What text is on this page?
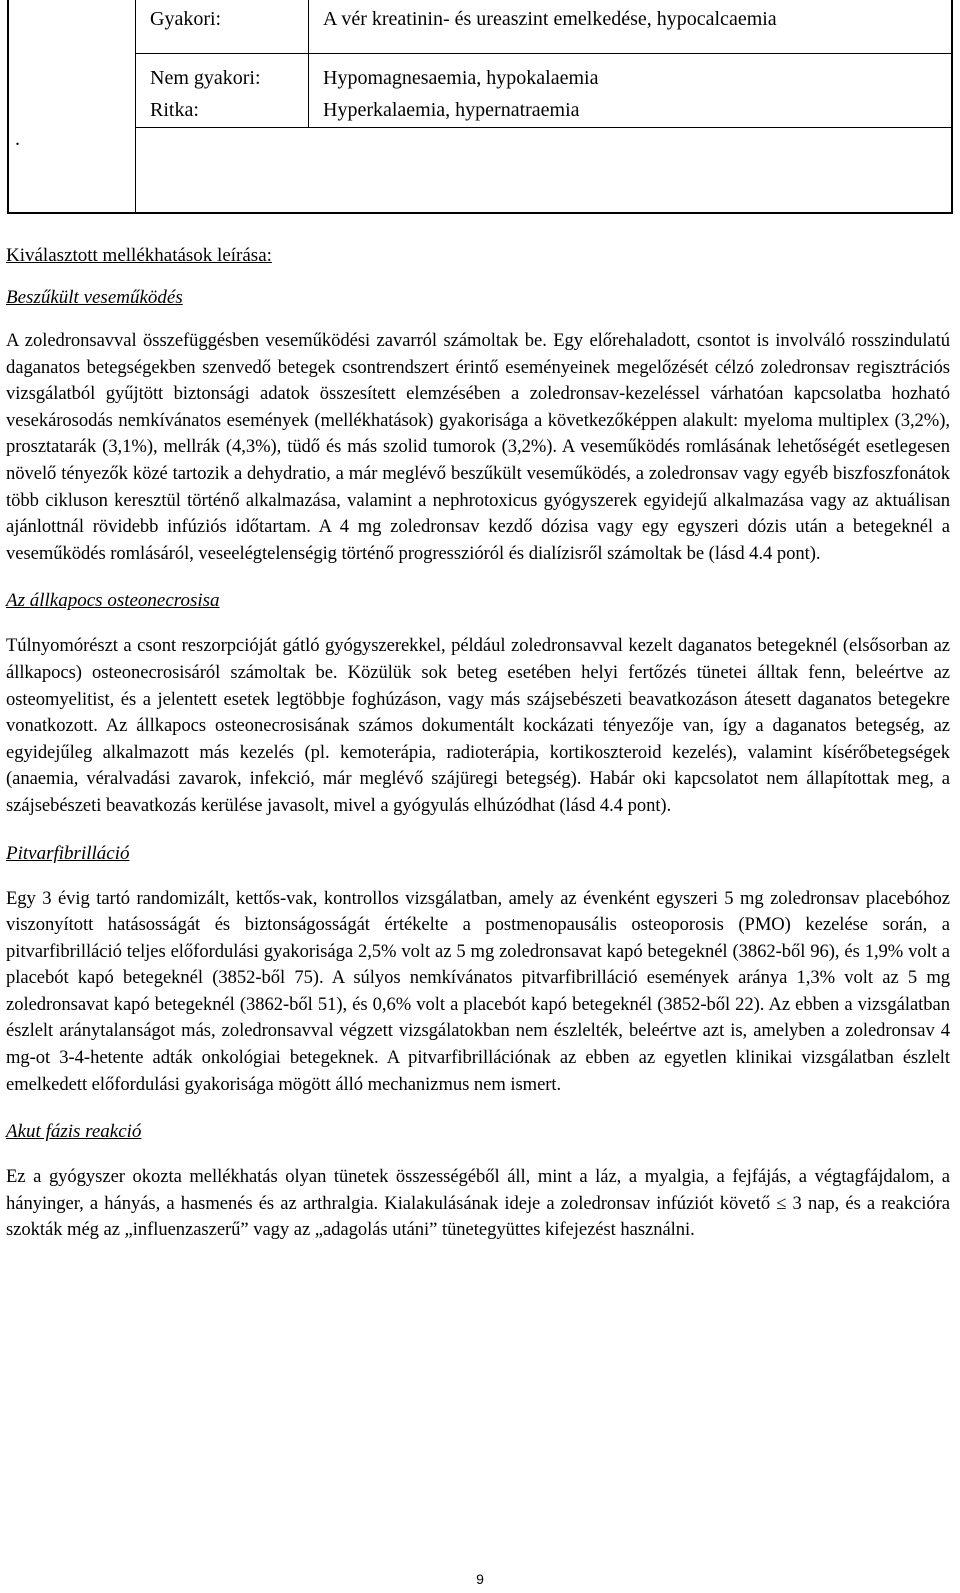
Gyakori:	A vér kreatinin- és ureaszint emelkedése, hypocalcaemia
Nem gyakori:	Hypomagnesaemia, hypokalaemia
Ritka:	Hyperkalaemia, hypernatraemia
.
Kiválasztott mellékhatások leírása:
Beszűkült veseműködés

A zoledronsavval összefüggésben veseműködési zavarról számoltak be. Egy előrehaladott, csontot is involváló rosszindulatú daganatos betegségekben szenvedő betegek csontrendszert érintő eseményeinek megelőzését célzó zoledronsav regisztrációs vizsgálatból gyűjtött biztonsági adatok összesített elemzésében a zoledronsav-kezeléssel várhatóan kapcsolatba hozható vesekárosodás nemkívánatos események (mellékhatások) gyakorisága a következőképpen alakult: myeloma multiplex (3,2%), prosztatarák (3,1%), mellrák (4,3%), tüdő és más szolid tumorok (3,2%). A veseműködés romlásának lehetőségét esetlegesen növelő tényezők közé tartozik a dehydratio, a már meglévő beszűkült veseműködés, a zoledronsav vagy egyéb biszfoszfonátok több cikluson keresztül történő alkalmazása, valamint a nephrotoxicus gyógyszerek egyidejű alkalmazása vagy az aktuálisan ajánlottnál rövidebb infúziós időtartam. A 4 mg zoledronsav kezdő dózisa vagy egy egyszeri dózis után a betegeknél a veseműködés romlásáról, veseelégtelenségig történő progresszióról és dialízisről számoltak be (lásd 4.4 pont).

Az állkapocs osteonecrosisa

Túlnyomórészt a csont reszorpcióját gátló gyógyszerekkel, például zoledronsavval kezelt daganatos betegeknél (elsősorban az állkapocs) osteonecrosisáról számoltak be. Közülük sok beteg esetében helyi fertőzés tünetei álltak fenn, beleértve az osteomyelitist, és a jelentett esetek legtöbbje foghúzáson, vagy más szájsebészeti beavatkozáson átesett daganatos betegekre vonatkozott. Az állkapocs osteonecrosisának számos dokumentált kockázati tényezője van, így a daganatos betegség, az egyidejűleg alkalmazott más kezelés (pl. kemoterápia, radioterápia, kortikoszteroid kezelés), valamint kísérőbetegségek (anaemia, véralvadási zavarok, infekció, már meglévő szájüregi betegség). Habár oki kapcsolatot nem állapítottak meg, a szájsebészeti beavatkozás kerülése javasolt, mivel a gyógyulás elhúzódhat (lásd 4.4 pont).

Pitvarfibrilláció

Egy 3 évig tartó randomizált, kettős-vak, kontrollos vizsgálatban, amely az évenként egyszeri 5 mg zoledronsav placebóhoz viszonyított hatásosságát és biztonságosságát értékelte a postmenopausális osteoporosis (PMO) kezelése során, a pitvarfibrilláció teljes előfordulási gyakorisága 2,5% volt az 5 mg zoledronsavat kapó betegeknél (3862-ből 96), és 1,9% volt a placebót kapó betegeknél (3852-ből 75). A súlyos nemkívánatos pitvarfibrilláció események aránya 1,3% volt az 5 mg zoledronsavat kapó betegeknél (3862-ből 51), és 0,6% volt a placebót kapó betegeknél (3852-ből 22). Az ebben a vizsgálatban észlelt aránytalanságot más, zoledronsavval végzett vizsgálatokban nem észlelték, beleértve azt is, amelyben a zoledronsav 4 mg-ot 3-4-hetente adták onkológiai betegeknek. A pitvarfibrillációnak az ebben az egyetlen klinikai vizsgálatban észlelt emelkedett előfordulási gyakorisága mögött álló mechanizmus nem ismert.

Akut fázis reakció

Ez a gyógyszer okozta mellékhatás olyan tünetek összességéből áll, mint a láz, a myalgia, a fejfájás, a végtagfájdalom, a hányinger, a hányás, a hasmenés és az arthralgia. Kialakulásának ideje a zoledronsav infúziót követő ≤ 3 nap, és a reakcióra szokták még az „influenzaszerű” vagy az „adagolás utáni” tünetegyüttes kifejezést használni.

9
